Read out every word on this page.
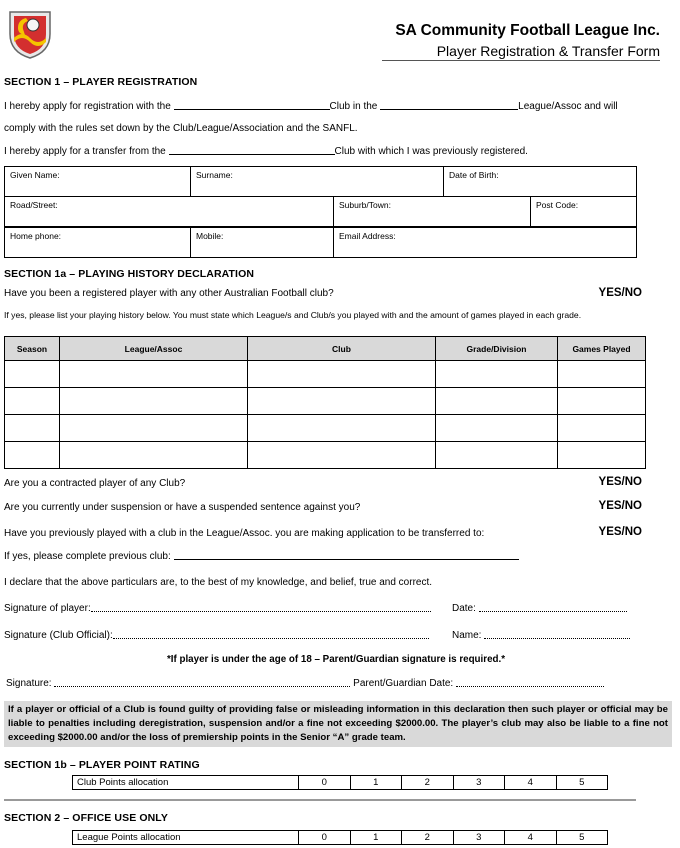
SA Community Football League Inc.
Player Registration & Transfer Form
SECTION 1 – PLAYER REGISTRATION
I hereby apply for registration with the	Club in the	League/Assoc and will
comply with the rules set down by the Club/League/Association and the SANFL.
I hereby apply for a transfer from the	Club with which I was previously registered.
Given Name:	Surname:	Date of Birth:
Road/Street:	Suburb/Town:	Post Code:
Home phone:	Mobile:	Email Address:
SECTION 1a – PLAYING HISTORY DECLARATION
Have you been a registered player with any other Australian Football club?	YES/NO
If yes, please list your playing history below. You must state which League/s and Club/s you played with and the amount of games played in each grade.
Season	League/Assoc	Club	Grade/Division	Games Played

Are you a contracted player of any Club?	YES/NO
Are you currently under suspension or have a suspended sentence against you?	YES/NO
Have you previously played with a club in the League/Assoc. you are making application to be transferred to:	YES/NO
If yes, please complete previous club:
I declare that the above particulars are, to the best of my knowledge, and belief, true and correct.
Signature of player:	Date:
Signature (Club Official):	Name:
*If player is under the age of 18 – Parent/Guardian signature is required.*
Signature:	Parent/Guardian Date:
If a player or official of a Club is found guilty of providing false or misleading information in this declaration then such player or official may be liable to penalties including deregistration, suspension and/or a fine not exceeding $2000.00. The player’s club may also be liable to a fine not exceeding $2000.00 and/or the loss of premiership points in the Senior “A” grade team.
SECTION 1b – PLAYER POINT RATING
Club Points allocation	0	1	2	3	4	5
SECTION 2 – OFFICE USE ONLY
League Points allocation	0	1	2	3	4	5
